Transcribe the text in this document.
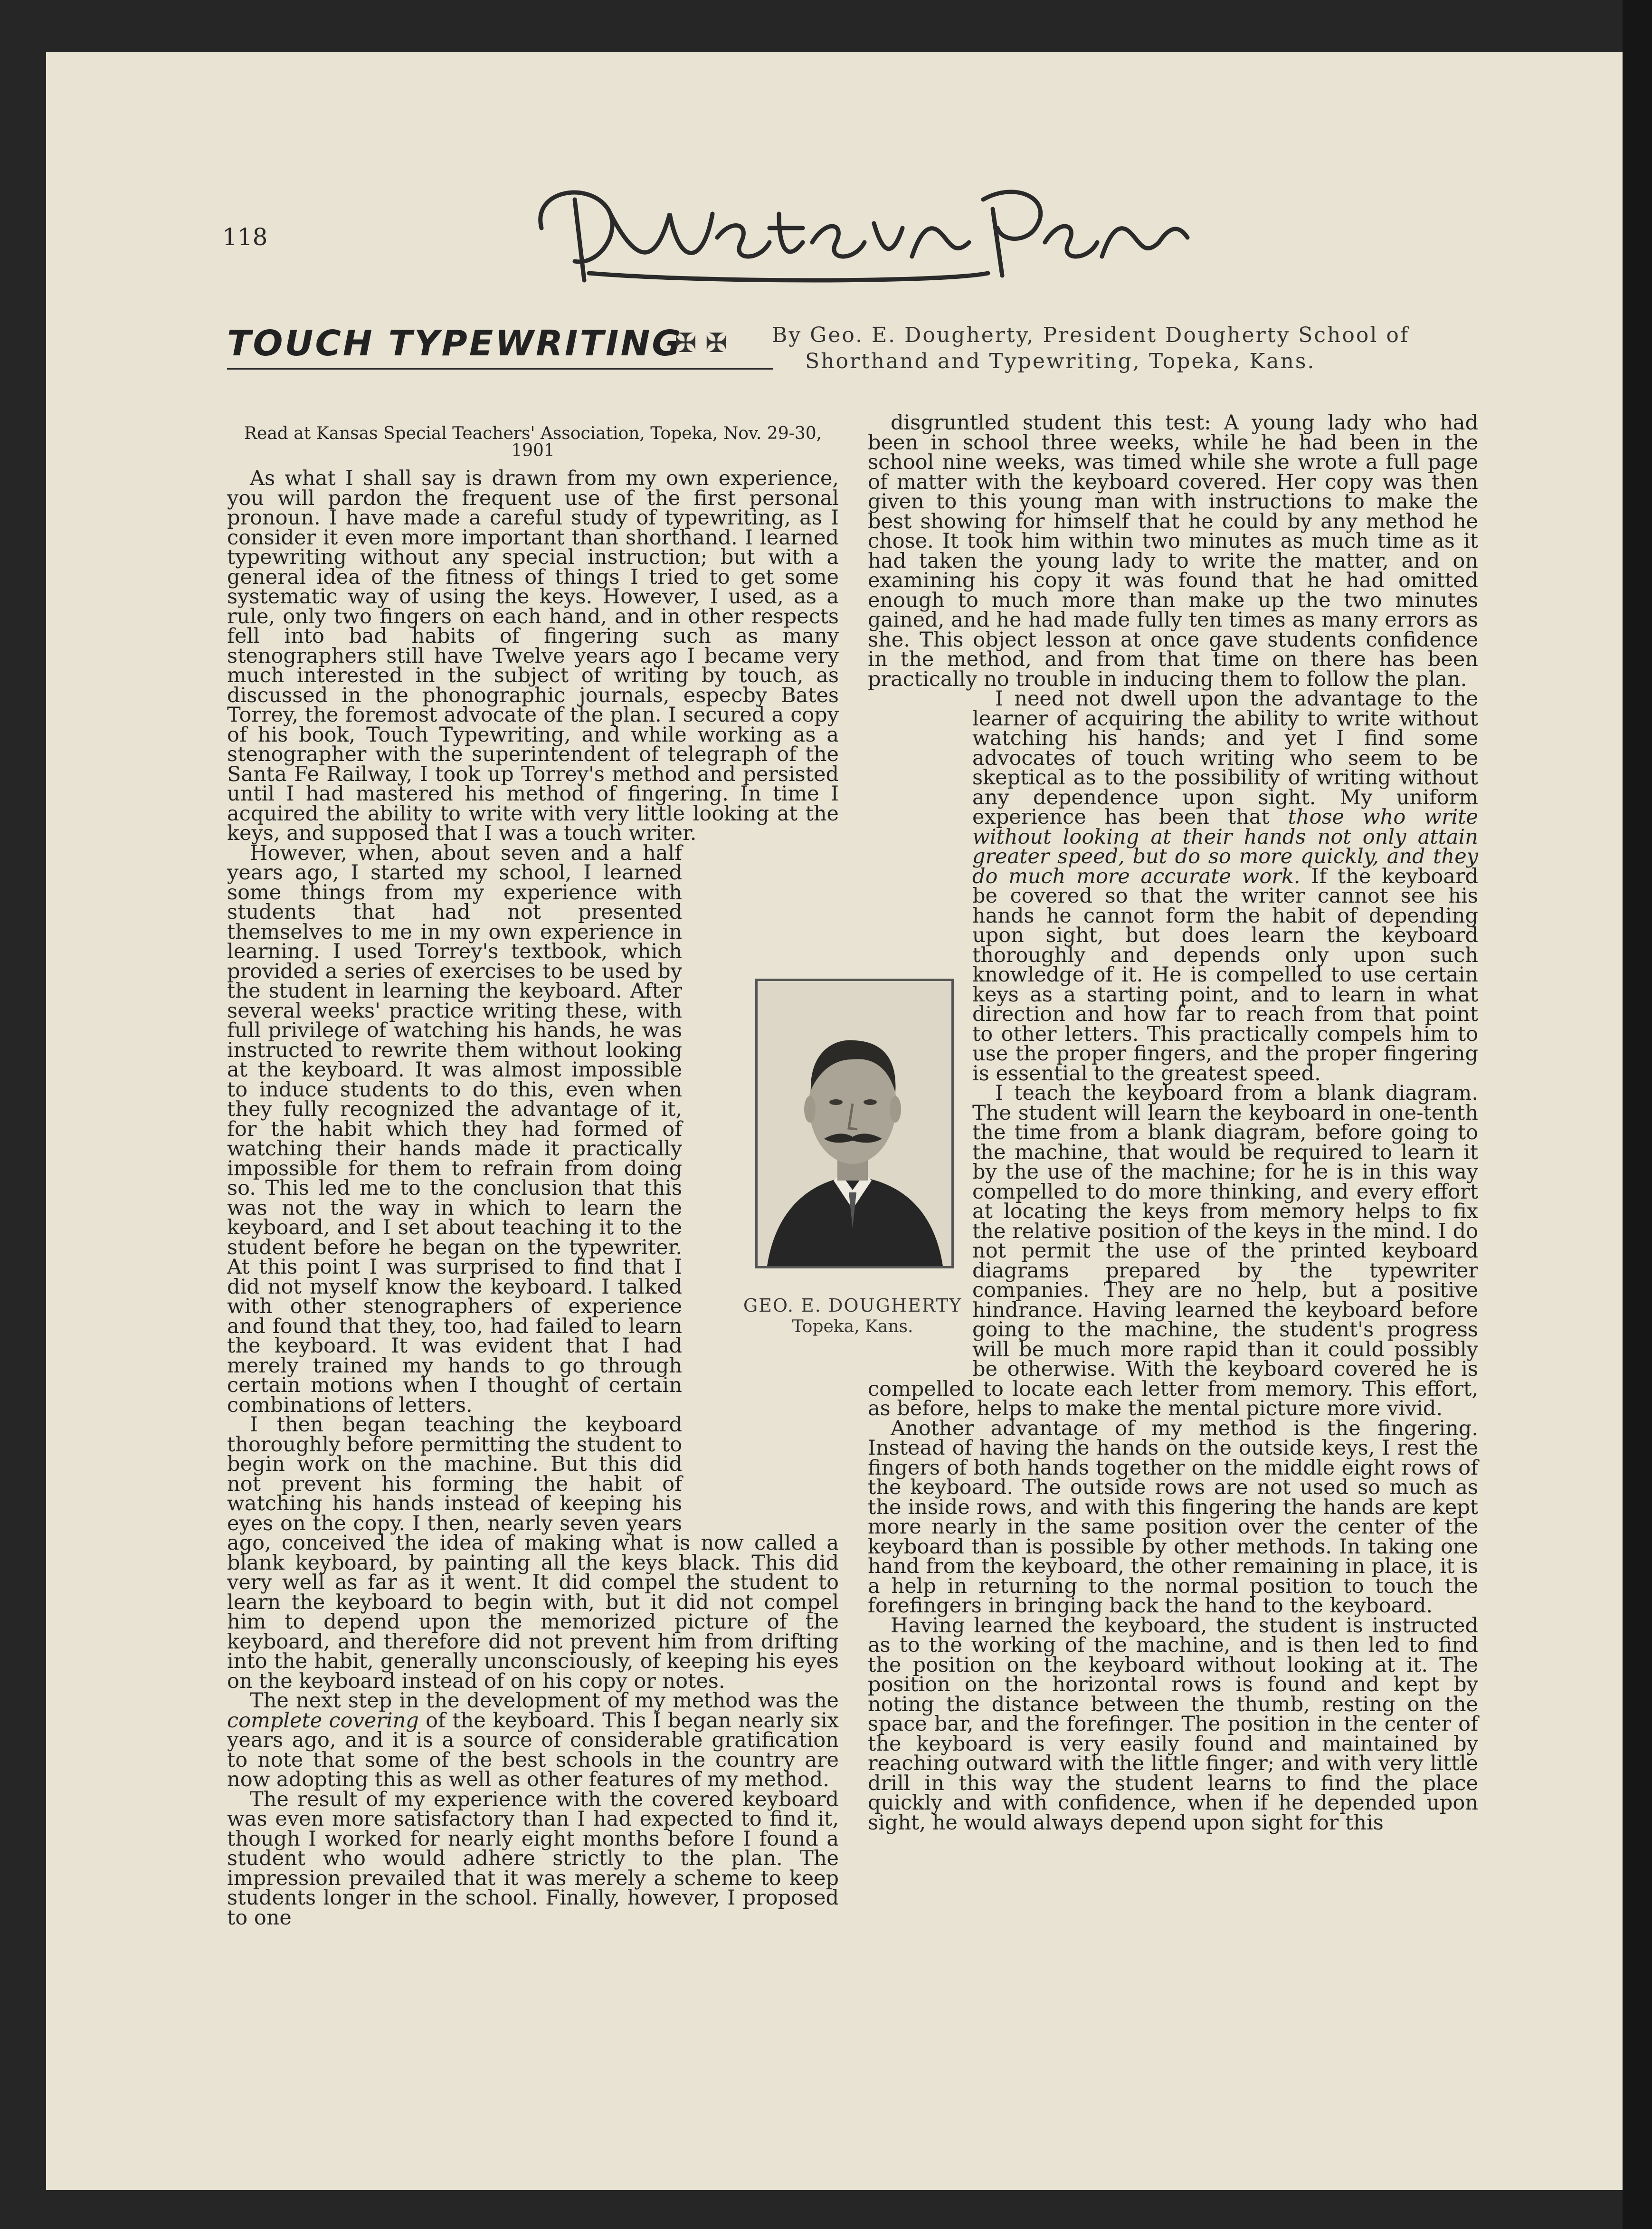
118
TOUCH TYPEWRITING
✠ ✠ By Geo. E. Dougherty, President Dougherty School of
Shorthand and Typewriting, Topeka, Kans.

Read at Kansas Special Teachers' Association, Topeka, Nov. 29-30, 1901

As what I shall say is drawn from my own experience, you will pardon the frequent use of the first personal pronoun. I have made a careful study of typewriting, as I consider it even more important than shorthand. I learned typewriting without any special instruction; but with a general idea of the fitness of things I tried to get some systematic way of using the keys. However, I used, as a rule, only two fingers on each hand, and in other respects fell into bad habits of fingering such as many stenographers still have Twelve years ago I became very much interested in the subject of writing by touch, as discussed in the phonographic journals, especby Bates Torrey, the foremost advocate of the plan. I secured a copy of his book, Touch Typewriting, and while working as a stenographer with the superintendent of telegraph of the Santa Fe Railway, I took up Torrey's method and persisted until I had mastered his method of fingering. In time I acquired the ability to write with very little looking at the keys, and supposed that I was a touch writer.

However, when, about seven and a half years ago, I started my school, I learned some things from my experience with students that had not presented themselves to me in my own experience in learning. I used Torrey's textbook, which provided a series of exercises to be used by the student in learning the keyboard. After several weeks' practice writing these, with full privilege of watching his hands, he was instructed to rewrite them without looking at the keyboard. It was almost impossible to induce students to do this, even when they fully recognized the advantage of it, for the habit which they had formed of watching their hands made it practically impossible for them to refrain from doing so. This led me to the conclusion that this was not the way in which to learn the keyboard, and I set about teaching it to the student before he began on the typewriter. At this point I was surprised to find that I did not myself know the keyboard. I talked with other stenographers of experience and found that they, too, had failed to learn the keyboard. It was evident that I had merely trained my hands to go through certain motions when I thought of certain combinations of letters.

I then began teaching the keyboard thoroughly before permitting the student to begin work on the machine. But this did not prevent his forming the habit of watching his hands instead of keeping his eyes on the copy. I then, nearly seven years ago, conceived the idea of making what is now called a blank keyboard, by painting all the keys black. This did very well as far as it went. It did compel the student to learn the keyboard to begin with, but it did not compel him to depend upon the memorized picture of the keyboard, and therefore did not prevent him from drifting into the habit, generally unconsciously, of keeping his eyes on the keyboard instead of on his copy or notes.

The next step in the development of my method was the complete covering of the keyboard. This I began nearly six years ago, and it is a source of considerable gratification to note that some of the best schools in the country are now adopting this as well as other features of my method.

The result of my experience with the covered keyboard was even more satisfactory than I had expected to find it, though I worked for nearly eight months before I found a student who would adhere strictly to the plan. The impression prevailed that it was merely a scheme to keep students longer in the school. Finally, however, I proposed to one

disgruntled student this test: A young lady who had been in school three weeks, while he had been in the school nine weeks, was timed while she wrote a full page of matter with the keyboard covered. Her copy was then given to this young man with instructions to make the best showing for himself that he could by any method he chose. It took him within two minutes as much time as it had taken the young lady to write the matter, and on examining his copy it was found that he had omitted enough to much more than make up the two minutes gained, and he had made fully ten times as many errors as she. This object lesson at once gave students confidence in the method, and from that time on there has been practically no trouble in inducing them to follow the plan.

I need not dwell upon the advantage to the learner of acquiring the ability to write without watching his hands; and yet I find some advocates of touch writing who seem to be skeptical as to the possibility of writing without any dependence upon sight. My uniform experience has been that those who write without looking at their hands not only attain greater speed, but do so more quickly, and they do much more accurate work. If the keyboard be covered so that the writer cannot see his hands he cannot form the habit of depending upon sight, but does learn the keyboard thoroughly and depends only upon such knowledge of it. He is compelled to use certain keys as a starting point, and to learn in what direction and how far to reach from that point to other letters. This practically compels him to use the proper fingers, and the proper fingering is essential to the greatest speed.

I teach the keyboard from a blank diagram. The student will learn the keyboard in one-tenth the time from a blank diagram, before going to the machine, that would be required to learn it by the use of the machine; for he is in this way compelled to do more thinking, and every effort at locating the keys from memory helps to fix the relative position of the keys in the mind. I do not permit the use of the printed keyboard diagrams prepared by the typewriter companies. They are no help, but a positive hindrance. Having learned the keyboard before going to the machine, the student's progress will be much more rapid than it could possibly be otherwise. With the keyboard covered he is compelled to locate each letter from memory. This effort, as before, helps to make the mental picture more vivid.

Another advantage of my method is the fingering. Instead of having the hands on the outside keys, I rest the fingers of both hands together on the middle eight rows of the keyboard. The outside rows are not used so much as the inside rows, and with this fingering the hands are kept more nearly in the same position over the center of the keyboard than is possible by other methods. In taking one hand from the keyboard, the other remaining in place, it is a help in returning to the normal position to touch the forefingers in bringing back the hand to the keyboard.

Having learned the keyboard, the student is instructed as to the working of the machine, and is then led to find the position on the keyboard without looking at it. The position on the horizontal rows is found and kept by noting the distance between the thumb, resting on the space bar, and the forefinger. The position in the center of the keyboard is very easily found and maintained by reaching outward with the little finger; and with very little drill in this way the student learns to find the place quickly and with confidence, when if he depended upon sight, he would always depend upon sight for this

GEO. E. DOUGHERTY
Topeka, Kans.
